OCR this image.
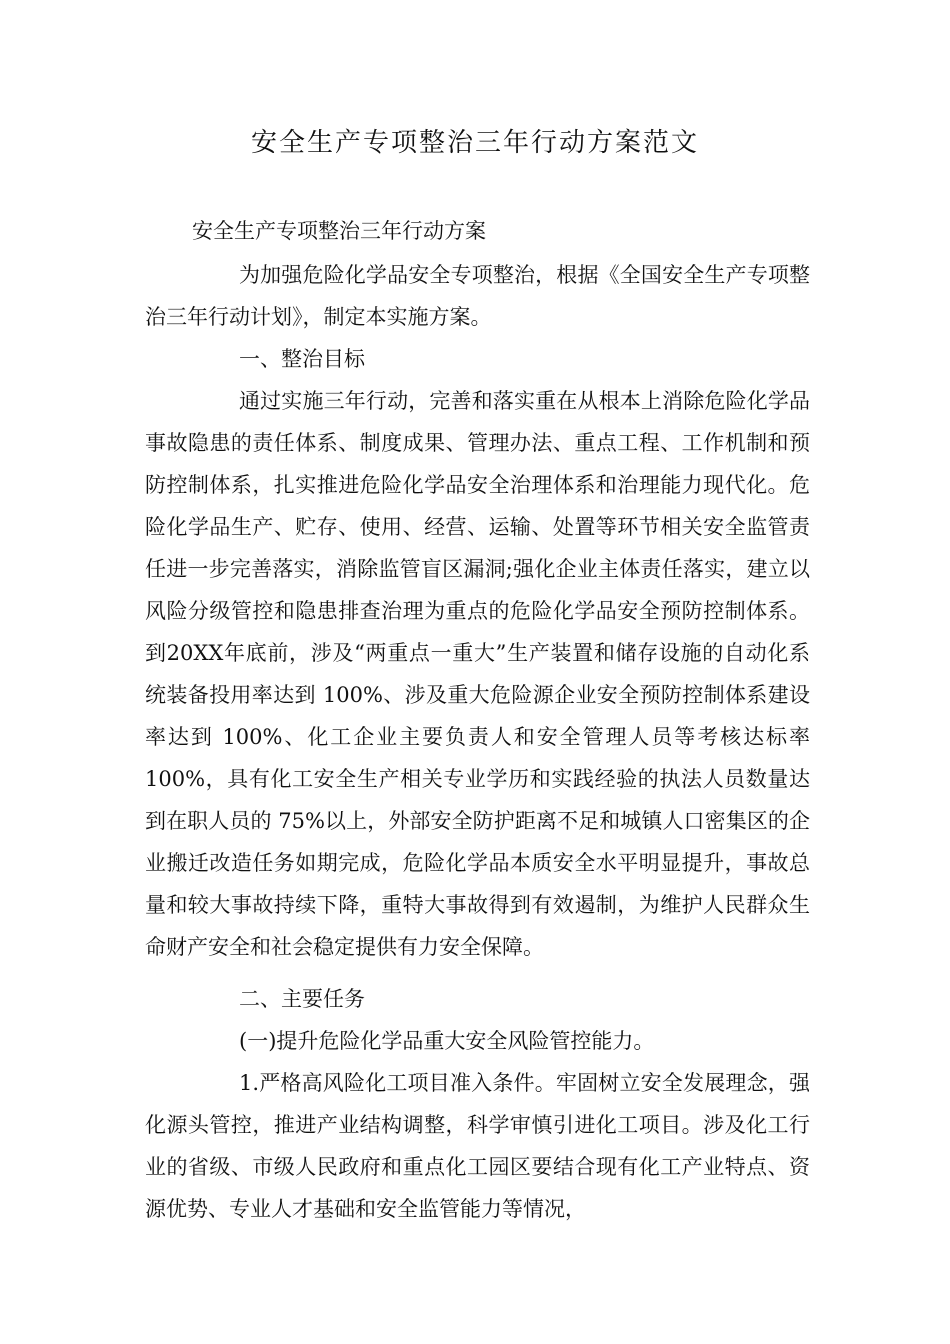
安全生产专项整治三年行动方案范文

安全生产专项整治三年行动方案

为加强危险化学品安全专项整治，根据《全国安全生产专项整治三年行动计划》，制定本实施方案。

一、整治目标

通过实施三年行动，完善和落实重在从根本上消除危险化学品事故隐患的责任体系、制度成果、管理办法、重点工程、工作机制和预防控制体系，扎实推进危险化学品安全治理体系和治理能力现代化。危险化学品生产、贮存、使用、经营、运输、处置等环节相关安全监管责任进一步完善落实，消除监管盲区漏洞;强化企业主体责任落实，建立以风险分级管控和隐患排查治理为重点的危险化学品安全预防控制体系。到20XX年底前，涉及“两重点一重大”生产装置和储存设施的自动化系统装备投用率达到 100%、涉及重大危险源企业安全预防控制体系建设率达到 100%、化工企业主要负责人和安全管理人员等考核达标率100%，具有化工安全生产相关专业学历和实践经验的执法人员数量达到在职人员的 75%以上，外部安全防护距离不足和城镇人口密集区的企业搬迁改造任务如期完成，危险化学品本质安全水平明显提升，事故总量和较大事故持续下降，重特大事故得到有效遏制，为维护人民群众生命财产安全和社会稳定提供有力安全保障。

二、主要任务

(一)提升危险化学品重大安全风险管控能力。

1.严格高风险化工项目准入条件。牢固树立安全发展理念，强化源头管控，推进产业结构调整，科学审慎引进化工项目。涉及化工行业的省级、市级人民政府和重点化工园区要结合现有化工产业特点、资源优势、专业人才基础和安全监管能力等情况，
